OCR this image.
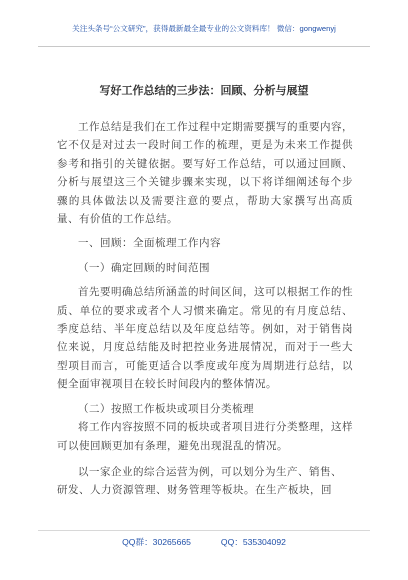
关注头条号“公文研究”，获得最新最全最专业的公文资料库！ 微信：gongwenyj
写好工作总结的三步法：回顾、分析与展望

工作总结是我们在工作过程中定期需要撰写的重要内容，它不仅是对过去一段时间工作的梳理，更是为未来工作提供参考和指引的关键依据。要写好工作总结，可以通过回顾、分析与展望这三个关键步骤来实现，以下将详细阐述每个步骤的具体做法以及需要注意的要点，帮助大家撰写出高质量、有价值的工作总结。

一、回顾：全面梳理工作内容

（一）确定回顾的时间范围

首先要明确总结所涵盖的时间区间，这可以根据工作的性质、单位的要求或者个人习惯来确定。常见的有月度总结、季度总结、半年度总结以及年度总结等。例如，对于销售岗位来说，月度总结能及时把控业务进展情况，而对于一些大型项目而言，可能更适合以季度或年度为周期进行总结，以便全面审视项目在较长时间段内的整体情况。

（二）按照工作板块或项目分类梳理

将工作内容按照不同的板块或者项目进行分类整理，这样可以使回顾更加有条理，避免出现混乱的情况。

以一家企业的综合运营为例，可以划分为生产、销售、

研发、人力资源管理、财务管理等板块。在生产板块，回

QQ群：30265665	QQ：535304092
